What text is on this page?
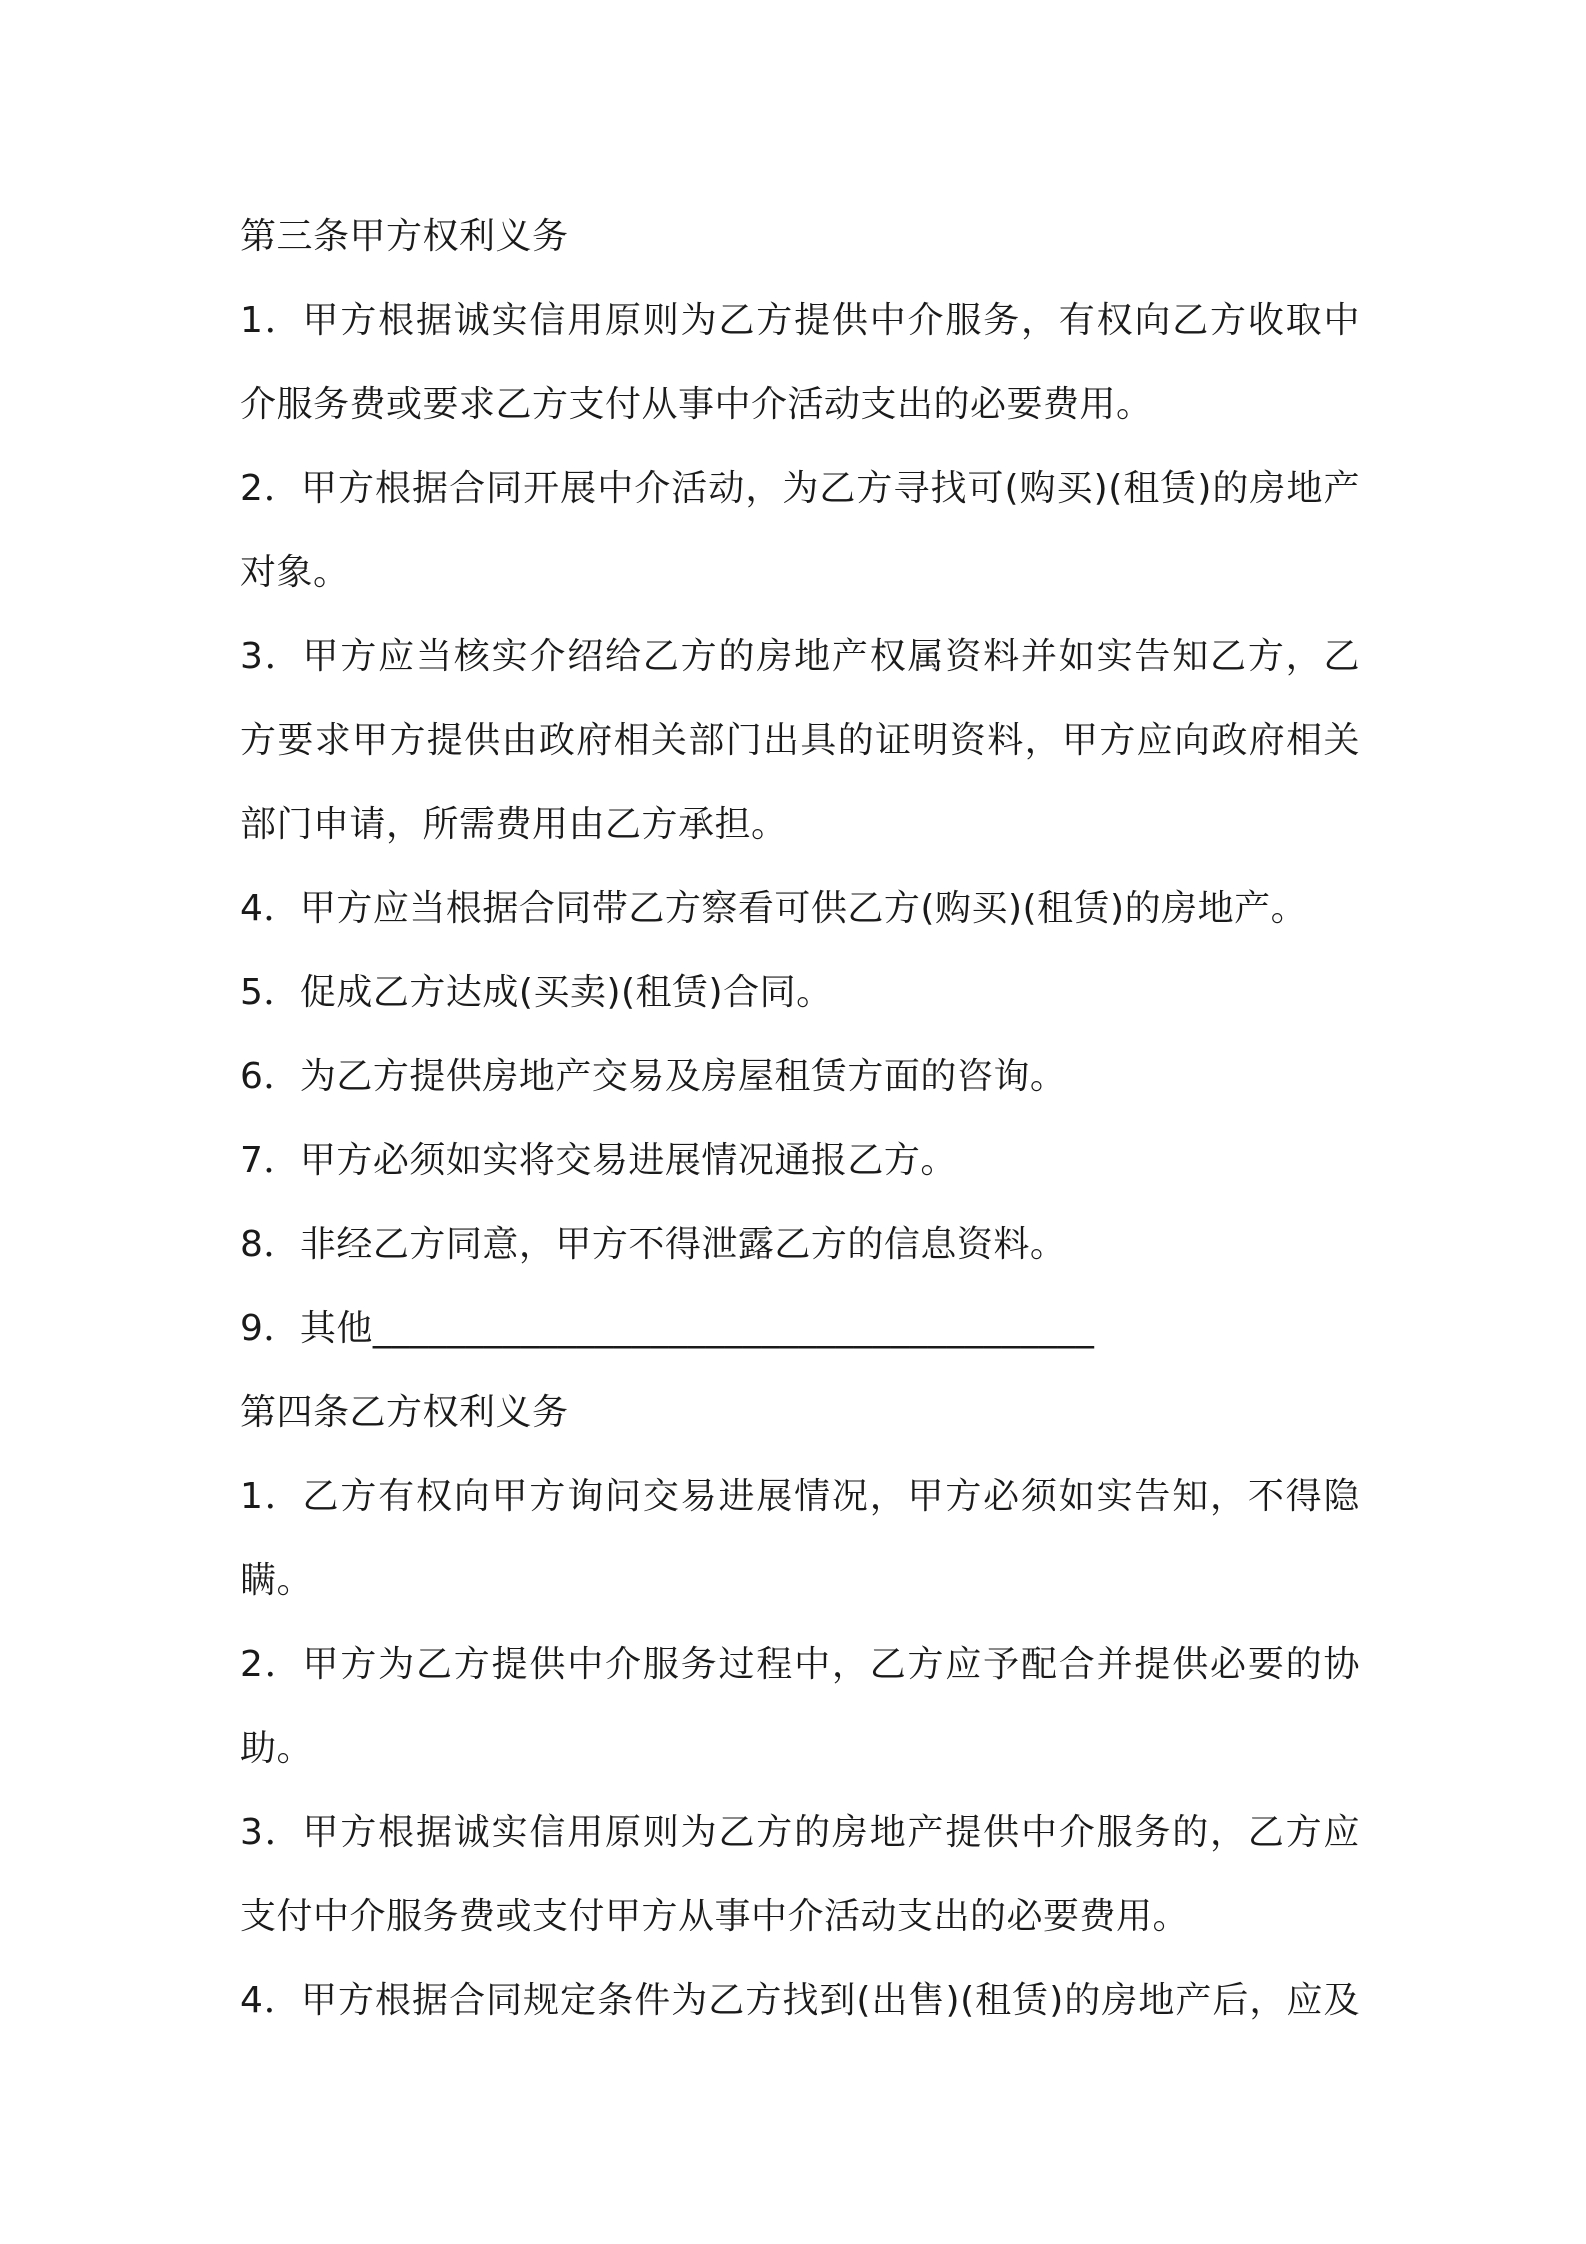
第三条甲方权利义务
1．甲方根据诚实信用原则为乙方提供中介服务，有权向乙方收取中
介服务费或要求乙方支付从事中介活动支出的必要费用。
2．甲方根据合同开展中介活动，为乙方寻找可(购买)(租赁)的房地产
对象。
3．甲方应当核实介绍给乙方的房地产权属资料并如实告知乙方，乙
方要求甲方提供由政府相关部门出具的证明资料，甲方应向政府相关
部门申请，所需费用由乙方承担。
4．甲方应当根据合同带乙方察看可供乙方(购买)(租赁)的房地产。
5．促成乙方达成(买卖)(租赁)合同。
6．为乙方提供房地产交易及房屋租赁方面的咨询。
7．甲方必须如实将交易进展情况通报乙方。
8．非经乙方同意，甲方不得泄露乙方的信息资料。
9．其他_______________________________________
第四条乙方权利义务
1．乙方有权向甲方询问交易进展情况，甲方必须如实告知，不得隐
瞒。
2．甲方为乙方提供中介服务过程中，乙方应予配合并提供必要的协
助。
3．甲方根据诚实信用原则为乙方的房地产提供中介服务的，乙方应
支付中介服务费或支付甲方从事中介活动支出的必要费用。
4．甲方根据合同规定条件为乙方找到(出售)(租赁)的房地产后，应及
